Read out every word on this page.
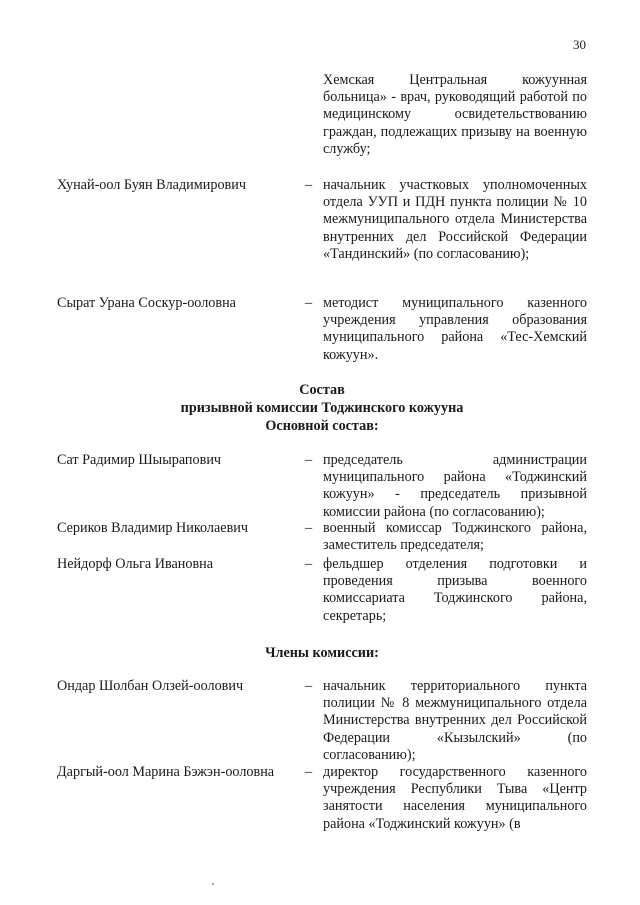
30
Хемская Центральная кожуунная больница» - врач, руководящий работой по медицинскому освидетельствованию граждан, подлежащих призыву на военную службу;
Хунай-оол Буян Владимирович	– начальник участковых уполномоченных отдела УУП и ПДН пункта полиции № 10 межмуниципального отдела Министерства внутренних дел Российской Федерации «Тандинский» (по согласованию);
Сырат Урана Соскур-ооловна	– методист муниципального казенного учреждения управления образования муниципального района «Тес-Хемский кожуун».
Состав
призывной комиссии Тоджинского кожууна
Основной состав:
Сат Радимир Шыырапович	– председатель администрации муниципального района «Тоджинский кожуун» - председатель призывной комиссии района (по согласованию);
Сериков Владимир Николаевич	– военный комиссар Тоджинского района, заместитель председателя;
Нейдорф Ольга Ивановна	– фельдшер отделения подготовки и проведения призыва военного комиссариата Тоджинского района, секретарь;
Члены комиссии:
Ондар Шолбан Олзей-оолович	– начальник территориального пункта полиции № 8 межмуниципального отдела Министерства внутренних дел Российской Федерации «Кызылский» (по согласованию);
Даргый-оол Марина Бэжэн-ооловна – директор государственного казенного учреждения Республики Тыва «Центр занятости населения муниципального района «Тоджинский кожуун» (в
